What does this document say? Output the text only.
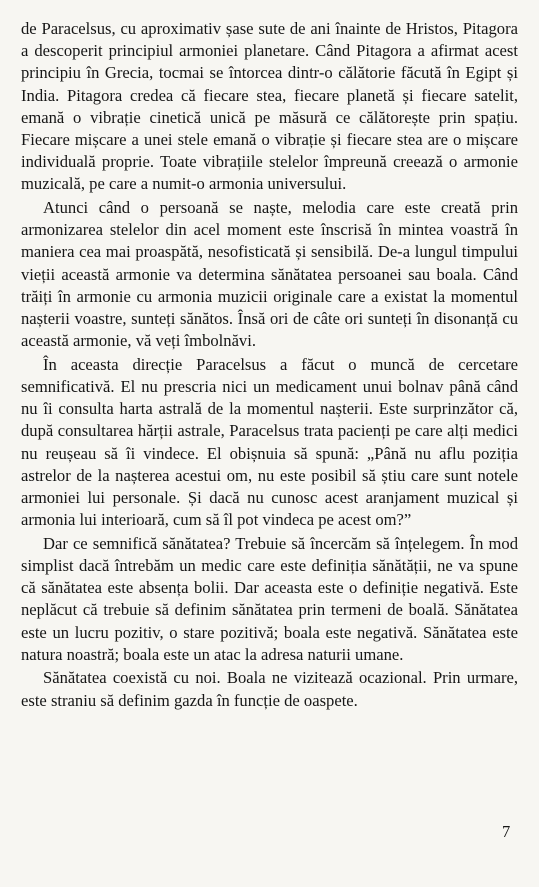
de Paracelsus, cu aproximativ șase sute de ani înainte de Hristos, Pitagora a descoperit principiul armoniei planetare. Când Pitagora a afirmat acest principiu în Grecia, tocmai se întorcea dintr-o călătorie făcută în Egipt și India. Pitagora credea că fiecare stea, fiecare planetă și fiecare satelit, emană o vibrație cinetică unică pe măsură ce călătorește prin spațiu. Fiecare mișcare a unei stele emană o vibrație și fiecare stea are o mișcare individuală proprie. Toate vibrațiile stelelor împreună creează o armonie muzicală, pe care a numit-o armonia universului.

Atunci când o persoană se naște, melodia care este creată prin armonizarea stelelor din acel moment este înscrisă în mintea voastră în maniera cea mai proaspătă, nesofisticată și sensibilă. De-a lungul timpului vieții această armonie va determina sănătatea persoanei sau boala. Când trăiți în armonie cu armonia muzicii originale care a existat la momentul nașterii voastre, sunteți sănătos. Însă ori de câte ori sunteți în disonanță cu această armonie, vă veți îmbolnăvi.

În aceasta direcție Paracelsus a făcut o muncă de cercetare semnificativă. El nu prescria nici un medicament unui bolnav până când nu îi consulta harta astrală de la momentul nașterii. Este surprinzător că, după consultarea hărții astrale, Paracelsus trata pacienți pe care alți medici nu reușeau să îi vindece. El obișnuia să spună: „Până nu aflu poziția astrelor de la nașterea acestui om, nu este posibil să știu care sunt notele armoniei lui personale. Și dacă nu cunosc acest aranjament muzical și armonia lui interioară, cum să îl pot vindeca pe acest om?”

Dar ce semnifică sănătatea? Trebuie să încercăm să înțelegem. În mod simplist dacă întrebăm un medic care este definiția sănătății, ne va spune că sănătatea este absența bolii. Dar aceasta este o definiție negativă. Este neplăcut că trebuie să definim sănătatea prin termeni de boală. Sănătatea este un lucru pozitiv, o stare pozitivă; boala este negativă. Sănătatea este natura noastră; boala este un atac la adresa naturii umane.

Sănătatea coexistă cu noi. Boala ne vizitează ocazional. Prin urmare, este straniu să definim gazda în funcție de oaspete.

7
